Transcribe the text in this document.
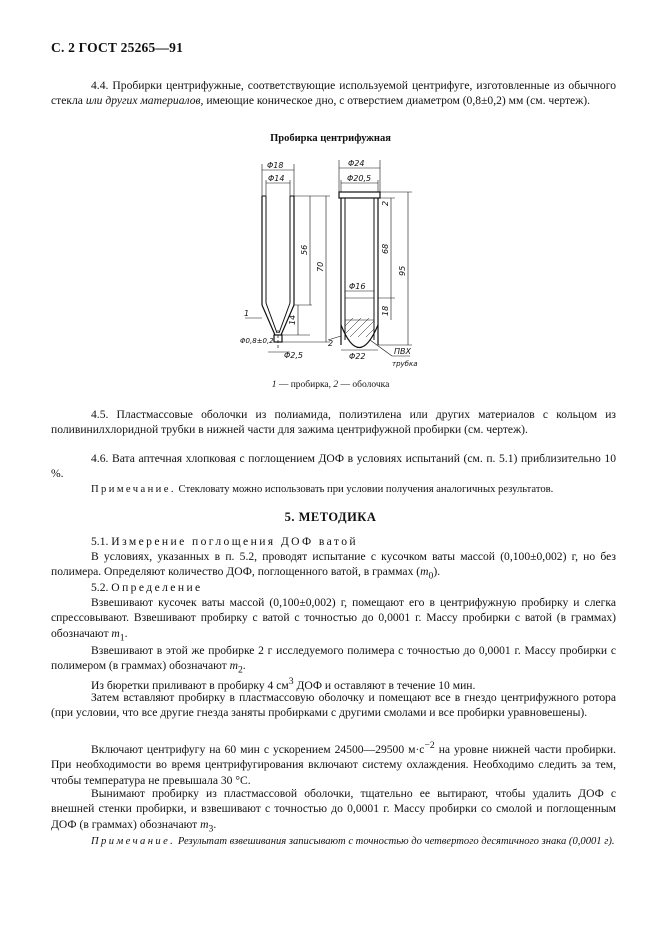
С. 2 ГОСТ 25265—91
4.4. Пробирки центрифужные, соответствующие используемой центрифуге, изготовленные из обычного стекла или других материалов, имеющие коническое дно, с отверстием диаметром (0,8±0,2) мм (см. чертеж).
Пробирка центрифужная
Φ18
Φ14
Φ24
Φ20,5
Φ16
Φ22
Φ2,5
Φ0,8±0,2
56
70
14
2
68
95
18
ПВХ
трубка
1
2
1 — пробирка, 2 — оболочка
4.5. Пластмассовые оболочки из полиамида, полиэтилена или других материалов с кольцом из поливинилхлоридной трубки в нижней части для зажима центрифужной пробирки (см. чертеж).
4.6. Вата аптечная хлопковая с поглощением ДОФ в условиях испытаний (см. п. 5.1) приблизительно 10 %.
Примечание. Стекловату можно использовать при условии получения аналогичных результатов.
5. МЕТОДИКА
5.1. Измерение поглощения ДОФ ватой
В условиях, указанных в п. 5.2, проводят испытание с кусочком ваты массой (0,100±0,002) г, но без полимера. Определяют количество ДОФ, поглощенного ватой, в граммах $(m_0)$.
5.2. Определение
Взвешивают кусочек ваты массой (0,100±0,002) г, помещают его в центрифужную пробирку и слегка спрессовывают. Взвешивают пробирку с ватой с точностью до 0,0001 г. Массу пробирки с ватой (в граммах) обозначают $m_1$.
Взвешивают в этой же пробирке 2 г исследуемого полимера с точностью до 0,0001 г. Массу пробирки с полимером (в граммах) обозначают $m_2$.
Из бюретки приливают в пробирку 4 $см^3$ ДОФ и оставляют в течение 10 мин.
Затем вставляют пробирку в пластмассовую оболочку и помещают все в гнездо центрифужного ротора (при условии, что все другие гнезда заняты пробирками с другими смолами и все пробирки уравновешены).
Включают центрифугу на 60 мин с ускорением 24500—29500 $м\cdot с^{-2}$ на уровне нижней части пробирки. При необходимости во время центрифугирования включают систему охлаждения. Необходимо следить за тем, чтобы температура не превышала 30 °С.
Вынимают пробирку из пластмассовой оболочки, тщательно ее вытирают, чтобы удалить ДОФ с внешней стенки пробирки, и взвешивают с точностью до 0,0001 г. Массу пробирки со смолой и поглощенным ДОФ (в граммах) обозначают $m_3$.
Примечание. Результат взвешивания записывают с точностью до четвертого десятичного знака (0,0001 г).
